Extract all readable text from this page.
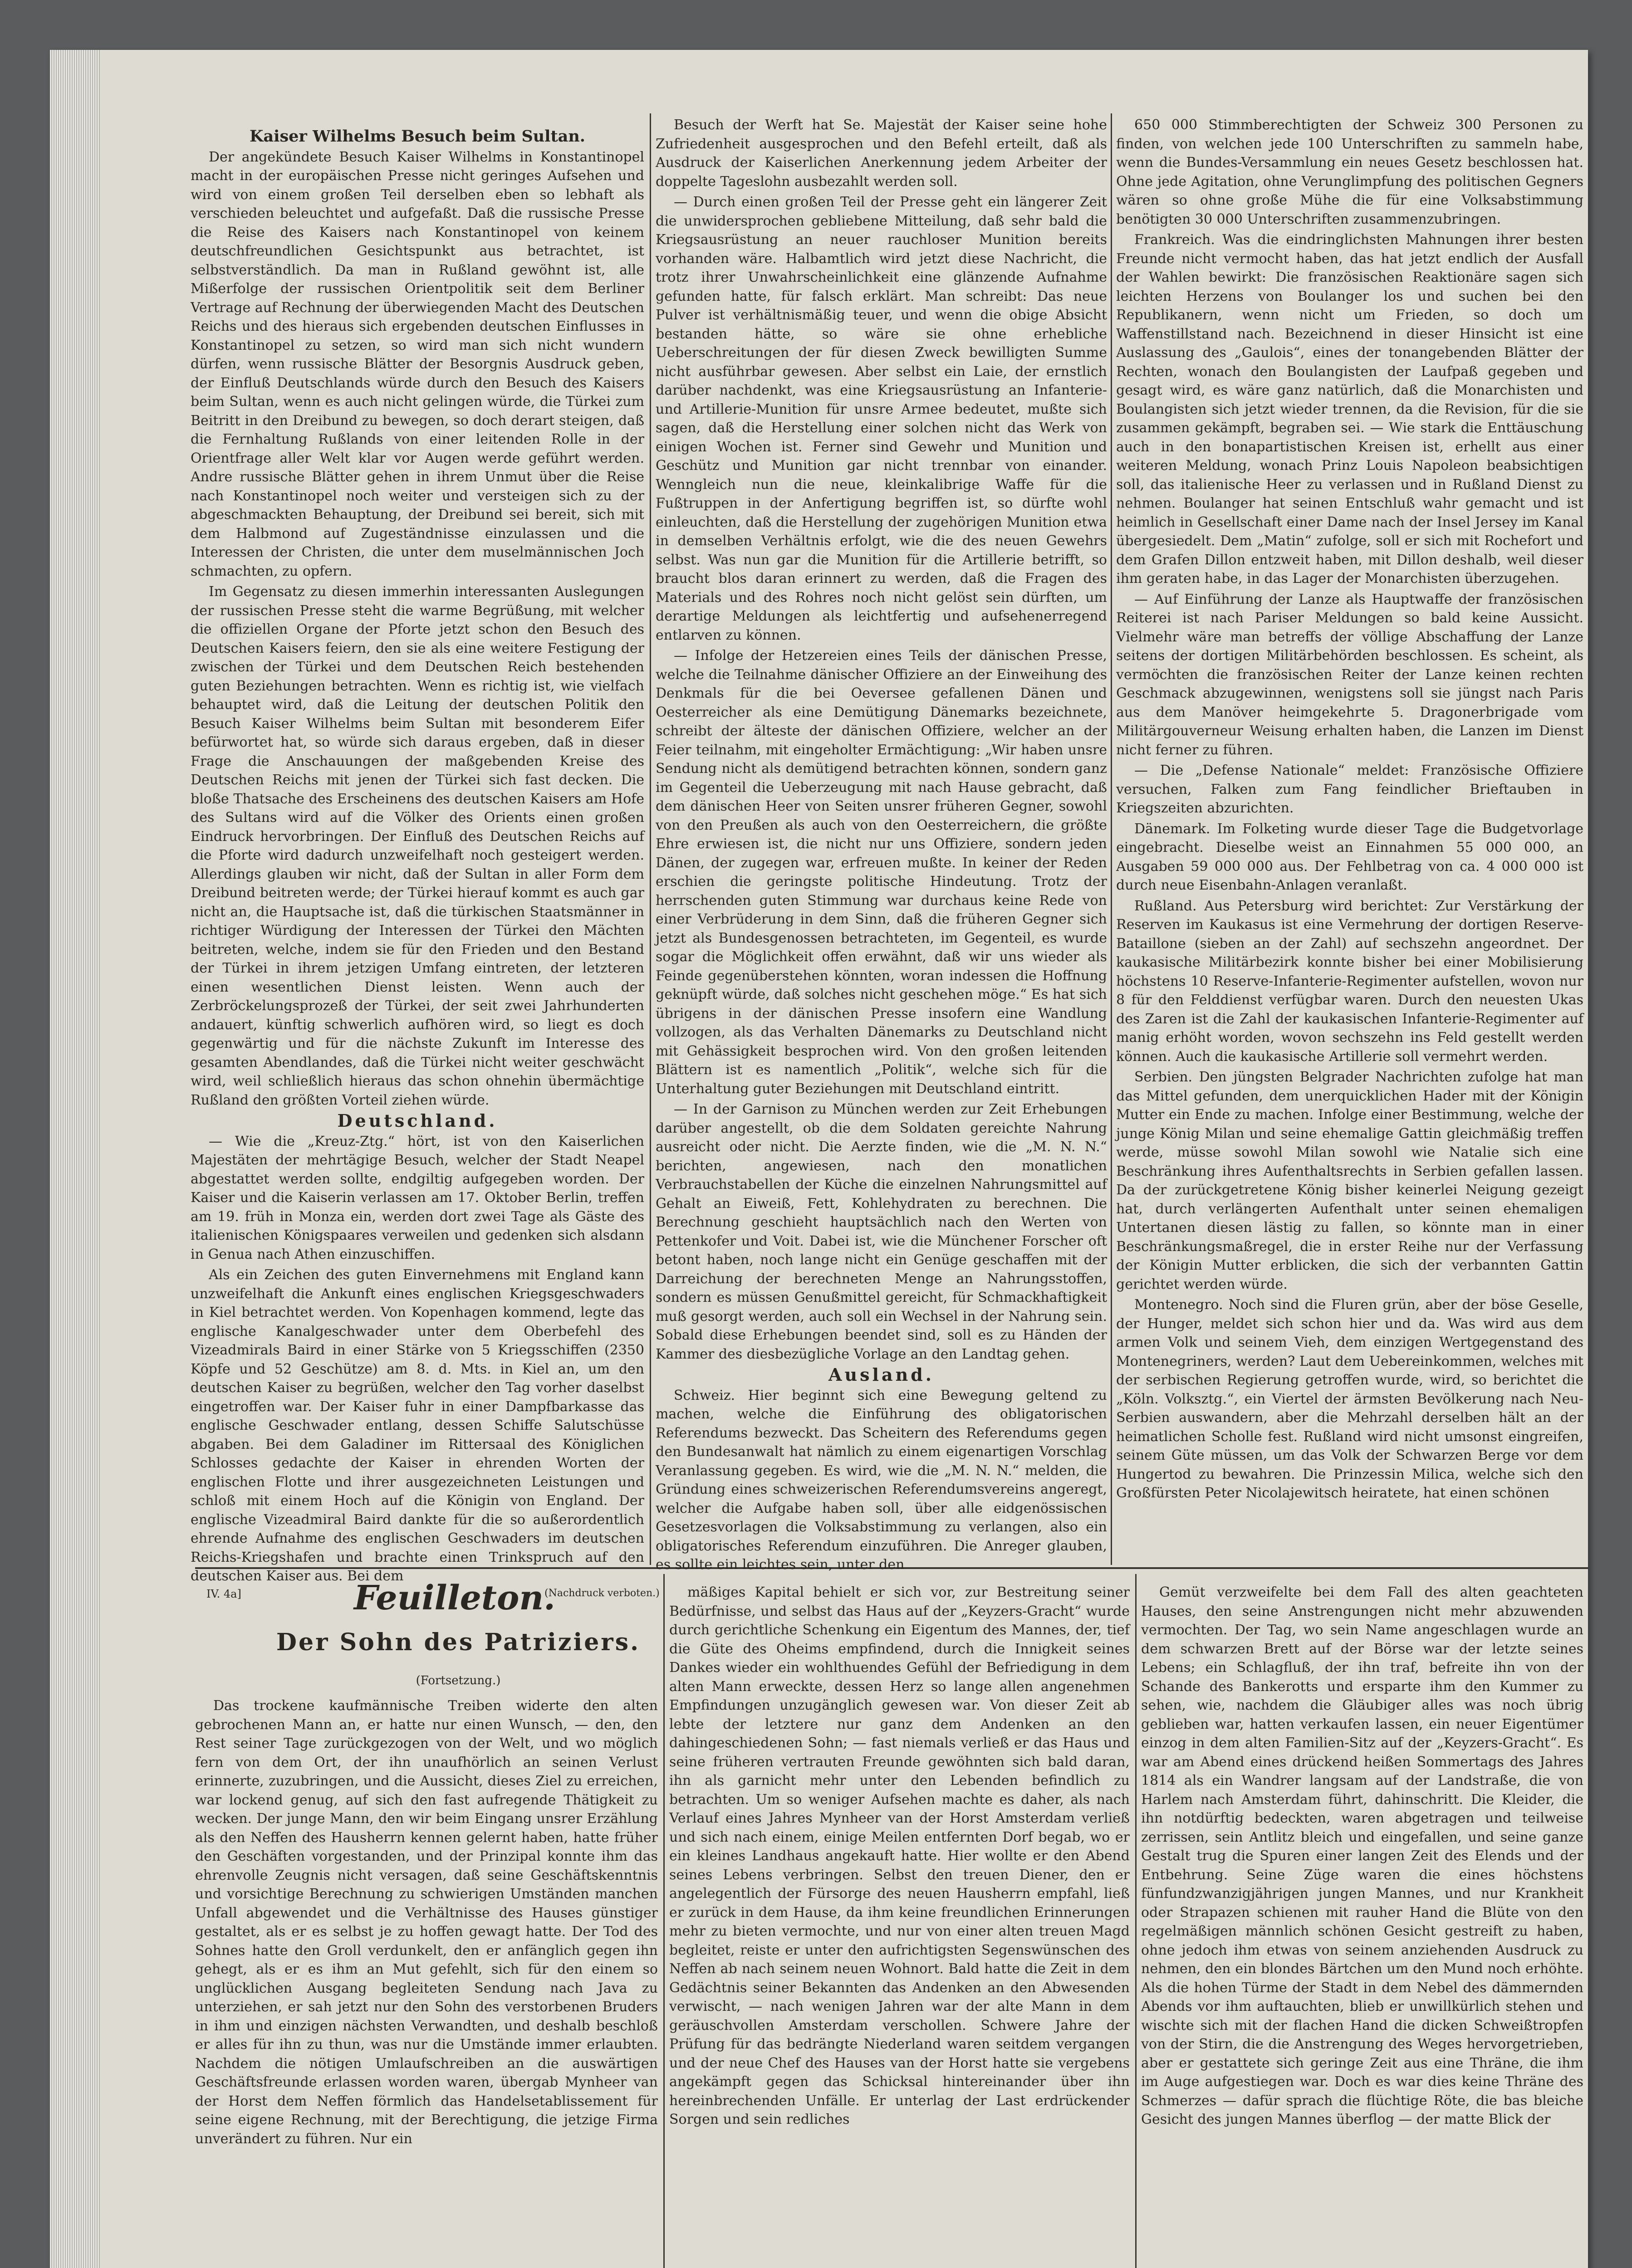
Kaiser Wilhelms Besuch beim Sultan.

Der angekündete Besuch Kaiser Wilhelms in Konstantinopel macht in der europäischen Presse nicht geringes Aufsehen und wird von einem großen Teil derselben eben so lebhaft als verschieden beleuchtet und aufgefaßt. Daß die russische Presse die Reise des Kaisers nach Konstantinopel von keinem deutschfreundlichen Gesichtspunkt aus betrachtet, ist selbstverständlich. Da man in Rußland gewöhnt ist, alle Mißerfolge der russischen Orientpolitik seit dem Berliner Vertrage auf Rechnung der überwiegenden Macht des Deutschen Reichs und des hieraus sich ergebenden deutschen Einflusses in Konstantinopel zu setzen, so wird man sich nicht wundern dürfen, wenn russische Blätter der Besorgnis Ausdruck geben, der Einfluß Deutschlands würde durch den Besuch des Kaisers beim Sultan, wenn es auch nicht gelingen würde, die Türkei zum Beitritt in den Dreibund zu bewegen, so doch derart steigen, daß die Fernhaltung Rußlands von einer leitenden Rolle in der Orientfrage aller Welt klar vor Augen werde geführt werden. Andre russische Blätter gehen in ihrem Unmut über die Reise nach Konstantinopel noch weiter und versteigen sich zu der abgeschmackten Behauptung, der Dreibund sei bereit, sich mit dem Halbmond auf Zugeständnisse einzulassen und die Interessen der Christen, die unter dem muselmännischen Joch schmachten, zu opfern.

Im Gegensatz zu diesen immerhin interessanten Auslegungen der russischen Presse steht die warme Begrüßung, mit welcher die offiziellen Organe der Pforte jetzt schon den Besuch des Deutschen Kaisers feiern, den sie als eine weitere Festigung der zwischen der Türkei und dem Deutschen Reich bestehenden guten Beziehungen betrachten. Wenn es richtig ist, wie vielfach behauptet wird, daß die Leitung der deutschen Politik den Besuch Kaiser Wilhelms beim Sultan mit besonderem Eifer befürwortet hat, so würde sich daraus ergeben, daß in dieser Frage die Anschauungen der maßgebenden Kreise des Deutschen Reichs mit jenen der Türkei sich fast decken. Die bloße Thatsache des Erscheinens des deutschen Kaisers am Hofe des Sultans wird auf die Völker des Orients einen großen Eindruck hervorbringen. Der Einfluß des Deutschen Reichs auf die Pforte wird dadurch unzweifelhaft noch gesteigert werden. Allerdings glauben wir nicht, daß der Sultan in aller Form dem Dreibund beitreten werde; der Türkei hierauf kommt es auch gar nicht an, die Hauptsache ist, daß die türkischen Staatsmänner in richtiger Würdigung der Interessen der Türkei den Mächten beitreten, welche, indem sie für den Frieden und den Bestand der Türkei in ihrem jetzigen Umfang eintreten, der letzteren einen wesentlichen Dienst leisten. Wenn auch der Zerbröckelungsprozeß der Türkei, der seit zwei Jahrhunderten andauert, künftig schwerlich aufhören wird, so liegt es doch gegenwärtig und für die nächste Zukunft im Interesse des gesamten Abendlandes, daß die Türkei nicht weiter geschwächt wird, weil schließlich hieraus das schon ohnehin übermächtige Rußland den größten Vorteil ziehen würde.

Deutschland.

— Wie die „Kreuz-Ztg.“ hört, ist von den Kaiserlichen Majestäten der mehrtägige Besuch, welcher der Stadt Neapel abgestattet werden sollte, endgiltig aufgegeben worden. Der Kaiser und die Kaiserin verlassen am 17. Oktober Berlin, treffen am 19. früh in Monza ein, werden dort zwei Tage als Gäste des italienischen Königspaares verweilen und gedenken sich alsdann in Genua nach Athen einzuschiffen.

Als ein Zeichen des guten Einvernehmens mit England kann unzweifelhaft die Ankunft eines englischen Kriegsgeschwaders in Kiel betrachtet werden. Von Kopenhagen kommend, legte das englische Kanalgeschwader unter dem Oberbefehl des Vizeadmirals Baird in einer Stärke von 5 Kriegsschiffen (2350 Köpfe und 52 Geschütze) am 8. d. Mts. in Kiel an, um den deutschen Kaiser zu begrüßen, welcher den Tag vorher daselbst eingetroffen war. Der Kaiser fuhr in einer Dampfbarkasse das englische Geschwader entlang, dessen Schiffe Salutschüsse abgaben. Bei dem Galadiner im Rittersaal des Königlichen Schlosses gedachte der Kaiser in ehrenden Worten der englischen Flotte und ihrer ausgezeichneten Leistungen und schloß mit einem Hoch auf die Königin von England. Der englische Vizeadmiral Baird dankte für die so außerordentlich ehrende Aufnahme des englischen Geschwaders im deutschen Reichs-Kriegshafen und brachte einen Trinkspruch auf den deutschen Kaiser aus. Bei dem

Besuch der Werft hat Se. Majestät der Kaiser seine hohe Zufriedenheit ausgesprochen und den Befehl erteilt, daß als Ausdruck der Kaiserlichen Anerkennung jedem Arbeiter der doppelte Tageslohn ausbezahlt werden soll.

— Durch einen großen Teil der Presse geht ein längerer Zeit die unwidersprochen gebliebene Mitteilung, daß sehr bald die Kriegsausrüstung an neuer rauchloser Munition bereits vorhanden wäre. Halbamtlich wird jetzt diese Nachricht, die trotz ihrer Unwahrscheinlichkeit eine glänzende Aufnahme gefunden hatte, für falsch erklärt. Man schreibt: Das neue Pulver ist verhältnismäßig teuer, und wenn die obige Absicht bestanden hätte, so wäre sie ohne erhebliche Ueberschreitungen der für diesen Zweck bewilligten Summe nicht ausführbar gewesen. Aber selbst ein Laie, der ernstlich darüber nachdenkt, was eine Kriegsausrüstung an Infanterie- und Artillerie-Munition für unsre Armee bedeutet, mußte sich sagen, daß die Herstellung einer solchen nicht das Werk von einigen Wochen ist. Ferner sind Gewehr und Munition und Geschütz und Munition gar nicht trennbar von einander. Wenngleich nun die neue, kleinkalibrige Waffe für die Fußtruppen in der Anfertigung begriffen ist, so dürfte wohl einleuchten, daß die Herstellung der zugehörigen Munition etwa in demselben Verhältnis erfolgt, wie die des neuen Gewehrs selbst. Was nun gar die Munition für die Artillerie betrifft, so braucht blos daran erinnert zu werden, daß die Fragen des Materials und des Rohres noch nicht gelöst sein dürften, um derartige Meldungen als leichtfertig und aufsehenerregend entlarven zu können.

— Infolge der Hetzereien eines Teils der dänischen Presse, welche die Teilnahme dänischer Offiziere an der Einweihung des Denkmals für die bei Oeversee gefallenen Dänen und Oesterreicher als eine Demütigung Dänemarks bezeichnete, schreibt der älteste der dänischen Offiziere, welcher an der Feier teilnahm, mit eingeholter Ermächtigung: „Wir haben unsre Sendung nicht als demütigend betrachten können, sondern ganz im Gegenteil die Ueberzeugung mit nach Hause gebracht, daß dem dänischen Heer von Seiten unsrer früheren Gegner, sowohl von den Preußen als auch von den Oesterreichern, die größte Ehre erwiesen ist, die nicht nur uns Offiziere, sondern jeden Dänen, der zugegen war, erfreuen mußte. In keiner der Reden erschien die geringste politische Hindeutung. Trotz der herrschenden guten Stimmung war durchaus keine Rede von einer Verbrüderung in dem Sinn, daß die früheren Gegner sich jetzt als Bundesgenossen betrachteten, im Gegenteil, es wurde sogar die Möglichkeit offen erwähnt, daß wir uns wieder als Feinde gegenüberstehen könnten, woran indessen die Hoffnung geknüpft würde, daß solches nicht geschehen möge.“ Es hat sich übrigens in der dänischen Presse insofern eine Wandlung vollzogen, als das Verhalten Dänemarks zu Deutschland nicht mit Gehässigkeit besprochen wird. Von den großen leitenden Blättern ist es namentlich „Politik“, welche sich für die Unterhaltung guter Beziehungen mit Deutschland eintritt.

— In der Garnison zu München werden zur Zeit Erhebungen darüber angestellt, ob die dem Soldaten gereichte Nahrung ausreicht oder nicht. Die Aerzte finden, wie die „M. N. N.“ berichten, angewiesen, nach den monatlichen Verbrauchstabellen der Küche die einzelnen Nahrungsmittel auf Gehalt an Eiweiß, Fett, Kohlehydraten zu berechnen. Die Berechnung geschieht hauptsächlich nach den Werten von Pettenkofer und Voit. Dabei ist, wie die Münchener Forscher oft betont haben, noch lange nicht ein Genüge geschaffen mit der Darreichung der berechneten Menge an Nahrungsstoffen, sondern es müssen Genußmittel gereicht, für Schmackhaftigkeit muß gesorgt werden, auch soll ein Wechsel in der Nahrung sein. Sobald diese Erhebungen beendet sind, soll es zu Händen der Kammer des diesbezügliche Vorlage an den Landtag gehen.

Ausland.

Schweiz. Hier beginnt sich eine Bewegung geltend zu machen, welche die Einführung des obligatorischen Referendums bezweckt. Das Scheitern des Referendums gegen den Bundesanwalt hat nämlich zu einem eigenartigen Vorschlag Veranlassung gegeben. Es wird, wie die „M. N. N.“ melden, die Gründung eines schweizerischen Referendumsvereins angeregt, welcher die Aufgabe haben soll, über alle eidgenössischen Gesetzesvorlagen die Volksabstimmung zu verlangen, also ein obligatorisches Referendum einzuführen. Die Anreger glauben, es sollte ein leichtes sein, unter den

650 000 Stimmberechtigten der Schweiz 300 Personen zu finden, von welchen jede 100 Unterschriften zu sammeln habe, wenn die Bundes-Versammlung ein neues Gesetz beschlossen hat. Ohne jede Agitation, ohne Verunglimpfung des politischen Gegners wären so ohne große Mühe die für eine Volksabstimmung benötigten 30 000 Unterschriften zusammenzubringen.

Frankreich. Was die eindringlichsten Mahnungen ihrer besten Freunde nicht vermocht haben, das hat jetzt endlich der Ausfall der Wahlen bewirkt: Die französischen Reaktionäre sagen sich leichten Herzens von Boulanger los und suchen bei den Republikanern, wenn nicht um Frieden, so doch um Waffenstillstand nach. Bezeichnend in dieser Hinsicht ist eine Auslassung des „Gaulois“, eines der tonangebenden Blätter der Rechten, wonach den Boulangisten der Laufpaß gegeben und gesagt wird, es wäre ganz natürlich, daß die Monarchisten und Boulangisten sich jetzt wieder trennen, da die Revision, für die sie zusammen gekämpft, begraben sei. — Wie stark die Enttäuschung auch in den bonapartistischen Kreisen ist, erhellt aus einer weiteren Meldung, wonach Prinz Louis Napoleon beabsichtigen soll, das italienische Heer zu verlassen und in Rußland Dienst zu nehmen. Boulanger hat seinen Entschluß wahr gemacht und ist heimlich in Gesellschaft einer Dame nach der Insel Jersey im Kanal übergesiedelt. Dem „Matin“ zufolge, soll er sich mit Rochefort und dem Grafen Dillon entzweit haben, mit Dillon deshalb, weil dieser ihm geraten habe, in das Lager der Monarchisten überzugehen.

— Auf Einführung der Lanze als Hauptwaffe der französischen Reiterei ist nach Pariser Meldungen so bald keine Aussicht. Vielmehr wäre man betreffs der völlige Abschaffung der Lanze seitens der dortigen Militärbehörden beschlossen. Es scheint, als vermöchten die französischen Reiter der Lanze keinen rechten Geschmack abzugewinnen, wenigstens soll sie jüngst nach Paris aus dem Manöver heimgekehrte 5. Dragonerbrigade vom Militärgouverneur Weisung erhalten haben, die Lanzen im Dienst nicht ferner zu führen.

— Die „Defense Nationale“ meldet: Französische Offiziere versuchen, Falken zum Fang feindlicher Brieftauben in Kriegszeiten abzurichten.

Dänemark. Im Folketing wurde dieser Tage die Budgetvorlage eingebracht. Dieselbe weist an Einnahmen 55 000 000, an Ausgaben 59 000 000 aus. Der Fehlbetrag von ca. 4 000 000 ist durch neue Eisenbahn-Anlagen veranlaßt.

Rußland. Aus Petersburg wird berichtet: Zur Verstärkung der Reserven im Kaukasus ist eine Vermehrung der dortigen Reserve-Bataillone (sieben an der Zahl) auf sechszehn angeordnet. Der kaukasische Militärbezirk konnte bisher bei einer Mobilisierung höchstens 10 Reserve-Infanterie-Regimenter aufstellen, wovon nur 8 für den Felddienst verfügbar waren. Durch den neuesten Ukas des Zaren ist die Zahl der kaukasischen Infanterie-Regimenter auf manig erhöht worden, wovon sechszehn ins Feld gestellt werden können. Auch die kaukasische Artillerie soll vermehrt werden.

Serbien. Den jüngsten Belgrader Nachrichten zufolge hat man das Mittel gefunden, dem unerquicklichen Hader mit der Königin Mutter ein Ende zu machen. Infolge einer Bestimmung, welche der junge König Milan und seine ehemalige Gattin gleichmäßig treffen werde, müsse sowohl Milan sowohl wie Natalie sich eine Beschränkung ihres Aufenthaltsrechts in Serbien gefallen lassen. Da der zurückgetretene König bisher keinerlei Neigung gezeigt hat, durch verlängerten Aufenthalt unter seinen ehemaligen Untertanen diesen lästig zu fallen, so könnte man in einer Beschränkungsmaßregel, die in erster Reihe nur der Verfassung der Königin Mutter erblicken, die sich der verbannten Gattin gerichtet werden würde.

Montenegro. Noch sind die Fluren grün, aber der böse Geselle, der Hunger, meldet sich schon hier und da. Was wird aus dem armen Volk und seinem Vieh, dem einzigen Wertgegenstand des Montenegriners, werden? Laut dem Uebereinkommen, welches mit der serbischen Regierung getroffen wurde, wird, so berichtet die „Köln. Volksztg.“, ein Viertel der ärmsten Bevölkerung nach Neu-Serbien auswandern, aber die Mehrzahl derselben hält an der heimatlichen Scholle fest. Rußland wird nicht umsonst eingreifen, seinem Güte müssen, um das Volk der Schwarzen Berge vor dem Hungertod zu bewahren. Die Prinzessin Milica, welche sich den Großfürsten Peter Nicolajewitsch heiratete, hat einen schönen

IV. 4a]	Feuilleton.
(Nachdruck verboten.)
Der Sohn des Patriziers.
(Fortsetzung.)

Das trockene kaufmännische Treiben widerte den alten gebrochenen Mann an, er hatte nur einen Wunsch, — den, den Rest seiner Tage zurückgezogen von der Welt, und wo möglich fern von dem Ort, der ihn unaufhörlich an seinen Verlust erinnerte, zuzubringen, und die Aussicht, dieses Ziel zu erreichen, war lockend genug, auf sich den fast aufregende Thätigkeit zu wecken. Der junge Mann, den wir beim Eingang unsrer Erzählung als den Neffen des Hausherrn kennen gelernt haben, hatte früher den Geschäften vorgestanden, und der Prinzipal konnte ihm das ehrenvolle Zeugnis nicht versagen, daß seine Geschäftskenntnis und vorsichtige Berechnung zu schwierigen Umständen manchen Unfall abgewendet und die Verhältnisse des Hauses günstiger gestaltet, als er es selbst je zu hoffen gewagt hatte. Der Tod des Sohnes hatte den Groll verdunkelt, den er anfänglich gegen ihn gehegt, als er es ihm an Mut gefehlt, sich für den einem so unglücklichen Ausgang begleiteten Sendung nach Java zu unterziehen, er sah jetzt nur den Sohn des verstorbenen Bruders in ihm und einzigen nächsten Verwandten, und deshalb beschloß er alles für ihn zu thun, was nur die Umstände immer erlaubten. Nachdem die nötigen Umlaufschreiben an die auswärtigen Geschäftsfreunde erlassen worden waren, übergab Mynheer van der Horst dem Neffen förmlich das Handelsetablissement für seine eigene Rechnung, mit der Berechtigung, die jetzige Firma unverändert zu führen. Nur ein

mäßiges Kapital behielt er sich vor, zur Bestreitung seiner Bedürfnisse, und selbst das Haus auf der „Keyzers-Gracht“ wurde durch gerichtliche Schenkung ein Eigentum des Mannes, der, tief die Güte des Oheims empfindend, durch die Innigkeit seines Dankes wieder ein wohlthuendes Gefühl der Befriedigung in dem alten Mann erweckte, dessen Herz so lange allen angenehmen Empfindungen unzugänglich gewesen war. Von dieser Zeit ab lebte der letztere nur ganz dem Andenken an den dahingeschiedenen Sohn; — fast niemals verließ er das Haus und seine früheren vertrauten Freunde gewöhnten sich bald daran, ihn als garnicht mehr unter den Lebenden befindlich zu betrachten. Um so weniger Aufsehen machte es daher, als nach Verlauf eines Jahres Mynheer van der Horst Amsterdam verließ und sich nach einem, einige Meilen entfernten Dorf begab, wo er ein kleines Landhaus angekauft hatte. Hier wollte er den Abend seines Lebens verbringen. Selbst den treuen Diener, den er angelegentlich der Fürsorge des neuen Hausherrn empfahl, ließ er zurück in dem Hause, da ihm keine freundlichen Erinnerungen mehr zu bieten vermochte, und nur von einer alten treuen Magd begleitet, reiste er unter den aufrichtigsten Segenswünschen des Neffen ab nach seinem neuen Wohnort. Bald hatte die Zeit in dem Gedächtnis seiner Bekannten das Andenken an den Abwesenden verwischt, — nach wenigen Jahren war der alte Mann in dem geräuschvollen Amsterdam verschollen. Schwere Jahre der Prüfung für das bedrängte Niederland waren seitdem vergangen und der neue Chef des Hauses van der Horst hatte sie vergebens angekämpft gegen das Schicksal hintereinander über ihn hereinbrechenden Unfälle. Er unterlag der Last erdrückender Sorgen und sein redliches

Gemüt verzweifelte bei dem Fall des alten geachteten Hauses, den seine Anstrengungen nicht mehr abzuwenden vermochten. Der Tag, wo sein Name angeschlagen wurde an dem schwarzen Brett auf der Börse war der letzte seines Lebens; ein Schlagfluß, der ihn traf, befreite ihn von der Schande des Bankerotts und ersparte ihm den Kummer zu sehen, wie, nachdem die Gläubiger alles was noch übrig geblieben war, hatten verkaufen lassen, ein neuer Eigentümer einzog in dem alten Familien-Sitz auf der „Keyzers-Gracht“. Es war am Abend eines drückend heißen Sommertags des Jahres 1814 als ein Wandrer langsam auf der Landstraße, die von Harlem nach Amsterdam führt, dahinschritt. Die Kleider, die ihn notdürftig bedeckten, waren abgetragen und teilweise zerrissen, sein Antlitz bleich und eingefallen, und seine ganze Gestalt trug die Spuren einer langen Zeit des Elends und der Entbehrung. Seine Züge waren die eines höchstens fünfundzwanzigjährigen jungen Mannes, und nur Krankheit oder Strapazen schienen mit rauher Hand die Blüte von den regelmäßigen männlich schönen Gesicht gestreift zu haben, ohne jedoch ihm etwas von seinem anziehenden Ausdruck zu nehmen, den ein blondes Bärtchen um den Mund noch erhöhte. Als die hohen Türme der Stadt in dem Nebel des dämmernden Abends vor ihm auftauchten, blieb er unwillkürlich stehen und wischte sich mit der flachen Hand die dicken Schweißtropfen von der Stirn, die die Anstrengung des Weges hervorgetrieben, aber er gestattete sich geringe Zeit aus eine Thräne, die ihm im Auge aufgestiegen war. Doch es war dies keine Thräne des Schmerzes — dafür sprach die flüchtige Röte, die bas bleiche Gesicht des jungen Mannes überflog — der matte Blick der
